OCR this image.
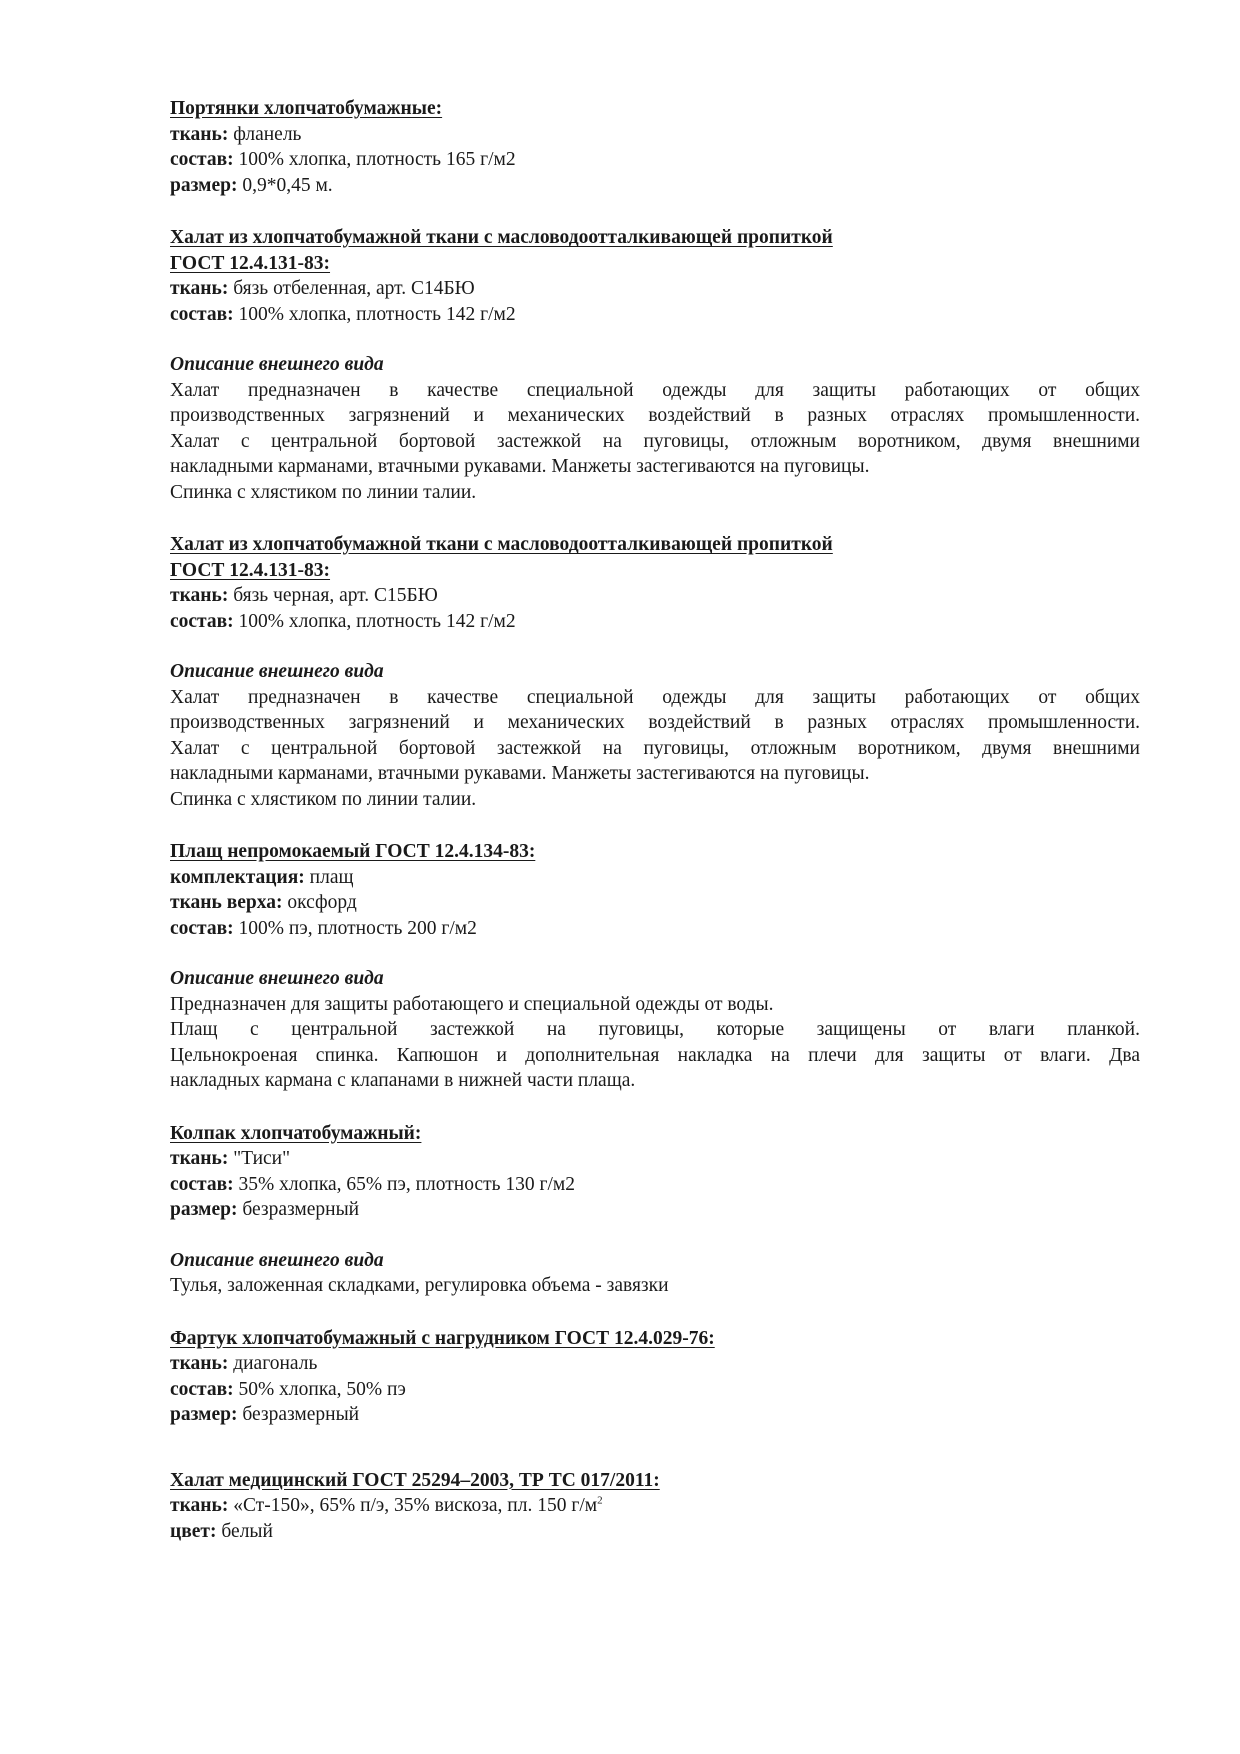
Портянки хлопчатобумажные:
ткань: фланель
состав: 100% хлопка, плотность 165 г/м2
размер: 0,9*0,45 м.
Халат из хлопчатобумажной ткани с масловодоотталкивающей пропиткой
ГОСТ 12.4.131-83:
ткань: бязь отбеленная, арт. С14БЮ
состав: 100% хлопка, плотность 142 г/м2
Описание внешнего вида
Халат предназначен в качестве специальной одежды для защиты работающих от общих
производственных загрязнений и механических воздействий в разных отраслях промышленности.
Халат с центральной бортовой застежкой на пуговицы, отложным воротником, двумя внешними
накладными карманами, втачными рукавами. Манжеты застегиваются на пуговицы.
Спинка с хлястиком по линии талии.
Халат из хлопчатобумажной ткани с масловодоотталкивающей пропиткой
ГОСТ 12.4.131-83:
ткань: бязь черная, арт. С15БЮ
состав: 100% хлопка, плотность 142 г/м2
Описание внешнего вида
Халат предназначен в качестве специальной одежды для защиты работающих от общих
производственных загрязнений и механических воздействий в разных отраслях промышленности.
Халат с центральной бортовой застежкой на пуговицы, отложным воротником, двумя внешними
накладными карманами, втачными рукавами. Манжеты застегиваются на пуговицы.
Спинка с хлястиком по линии талии.
Плащ непромокаемый ГОСТ 12.4.134-83:
комплектация: плащ
ткань верха: оксфорд
состав: 100% пэ, плотность 200 г/м2
Описание внешнего вида
Предназначен для защиты работающего и специальной одежды от воды.
Плащ с центральной застежкой на пуговицы, которые защищены от влаги планкой.
Цельнокроеная спинка. Капюшон и дополнительная накладка на плечи для защиты от влаги. Два
накладных кармана с клапанами в нижней части плаща.
Колпак хлопчатобумажный:
ткань: "Тиси"
состав: 35% хлопка, 65% пэ, плотность 130 г/м2
размер: безразмерный
Описание внешнего вида
Тулья, заложенная складками, регулировка объема - завязки
Фартук хлопчатобумажный с нагрудником ГОСТ 12.4.029-76:
ткань: диагональ
состав: 50% хлопка, 50% пэ
размер: безразмерный
Халат медицинский ГОСТ 25294–2003, ТР ТС 017/2011:
ткань: «Ст-150», 65% п/э, 35% вискоза, пл. 150 $г/м^2$
цвет: белый
